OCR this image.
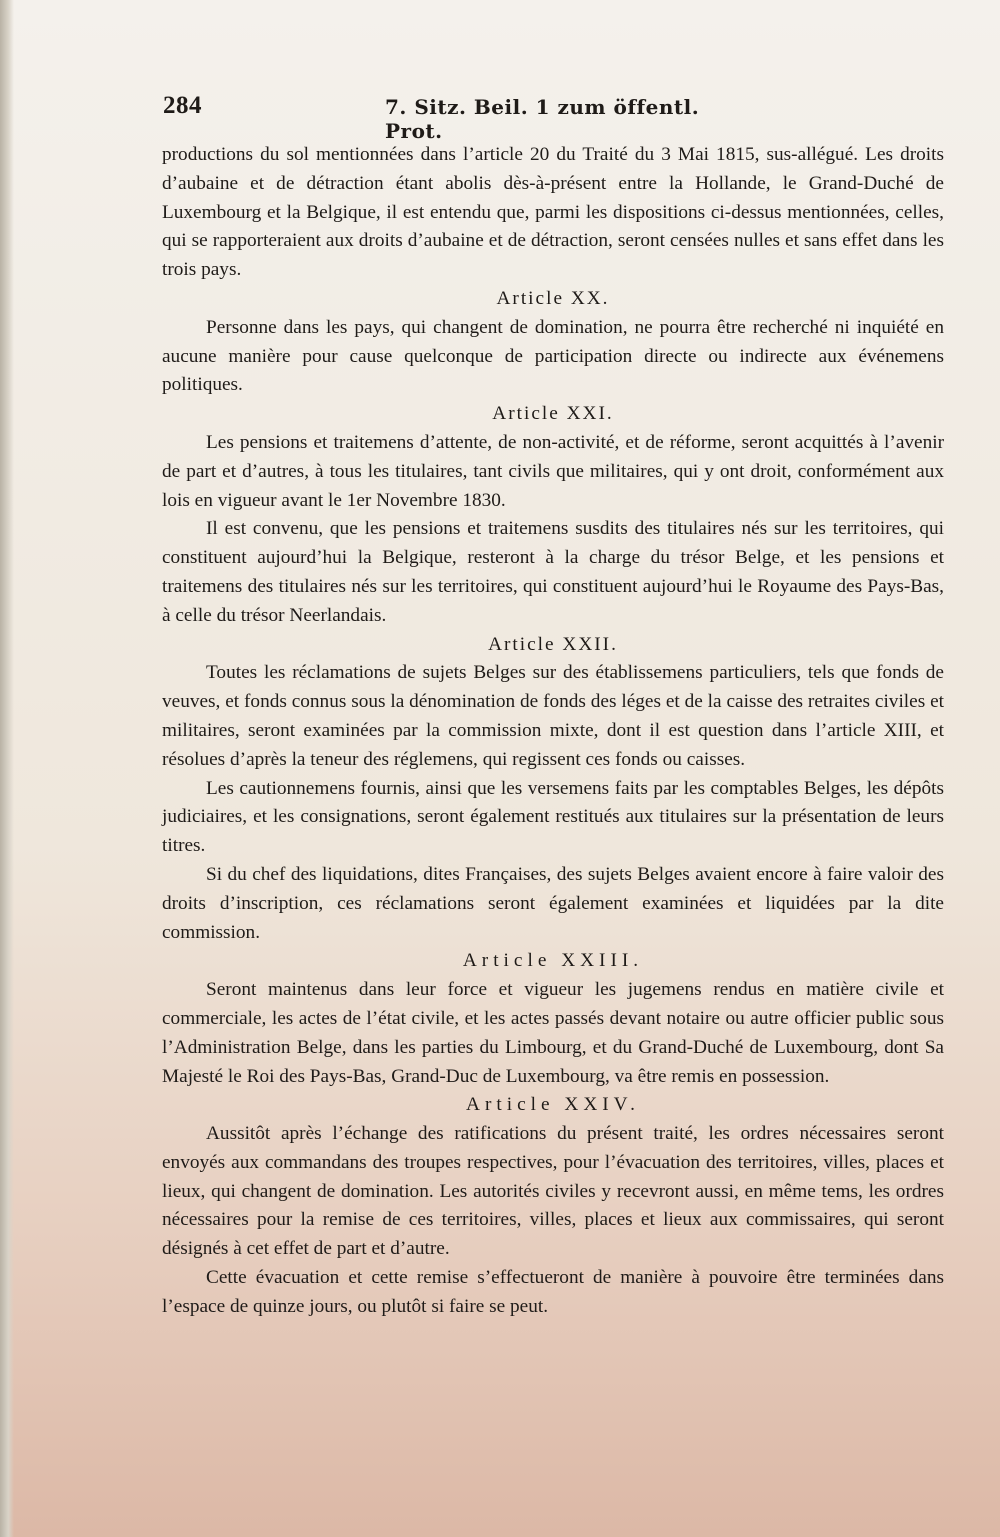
284	7. Sitz. Beil. 1 zum öffentl. Prot.

productions du sol mentionnées dans l’article 20 du Traité du 3 Mai 1815, sus-allégué. Les droits d’aubaine et de détraction étant abolis dès-à-présent entre la Hollande, le Grand-Duché de Luxembourg et la Belgique, il est entendu que, parmi les dispositions ci-dessus mentionnées, celles, qui se rapporteraient aux droits d’aubaine et de détraction, seront censées nulles et sans effet dans les trois pays.

Article XX.

Personne dans les pays, qui changent de domination, ne pourra être recherché ni inquiété en aucune manière pour cause quelconque de participation directe ou indirecte aux événemens politiques.

Article XXI.

Les pensions et traitemens d’attente, de non-activité, et de réforme, seront acquittés à l’avenir de part et d’autres, à tous les titulaires, tant civils que militaires, qui y ont droit, conformément aux lois en vigueur avant le 1er Novembre 1830.

Il est convenu, que les pensions et traitemens susdits des titulaires nés sur les territoires, qui constituent aujourd’hui la Belgique, resteront à la charge du trésor Belge, et les pensions et traitemens des titulaires nés sur les territoires, qui constituent aujourd’hui le Royaume des Pays-Bas, à celle du trésor Neerlandais.

Article XXII.

Toutes les réclamations de sujets Belges sur des établissemens particuliers, tels que fonds de veuves, et fonds connus sous la dénomination de fonds des léges et de la caisse des retraites civiles et militaires, seront examinées par la commission mixte, dont il est question dans l’article XIII, et résolues d’après la teneur des réglemens, qui regissent ces fonds ou caisses.

Les cautionnemens fournis, ainsi que les versemens faits par les comptables Belges, les dépôts judiciaires, et les consignations, seront également restitués aux titulaires sur la présentation de leurs titres.

Si du chef des liquidations, dites Françaises, des sujets Belges avaient encore à faire valoir des droits d’inscription, ces réclamations seront également examinées et liquidées par la dite commission.

Article XXIII.

Seront maintenus dans leur force et vigueur les jugemens rendus en matière civile et commerciale, les actes de l’état civile, et les actes passés devant notaire ou autre officier public sous l’Administration Belge, dans les parties du Limbourg, et du Grand-Duché de Luxembourg, dont Sa Majesté le Roi des Pays-Bas, Grand-Duc de Luxembourg, va être remis en possession.

Article XXIV.

Aussitôt après l’échange des ratifications du présent traité, les ordres nécessaires seront envoyés aux commandans des troupes respectives, pour l’évacuation des territoires, villes, places et lieux, qui changent de domination. Les autorités civiles y recevront aussi, en même tems, les ordres nécessaires pour la remise de ces territoires, villes, places et lieux aux commissaires, qui seront désignés à cet effet de part et d’autre.

Cette évacuation et cette remise s’effectueront de manière à pouvoire être terminées dans l’espace de quinze jours, ou plutôt si faire se peut.
